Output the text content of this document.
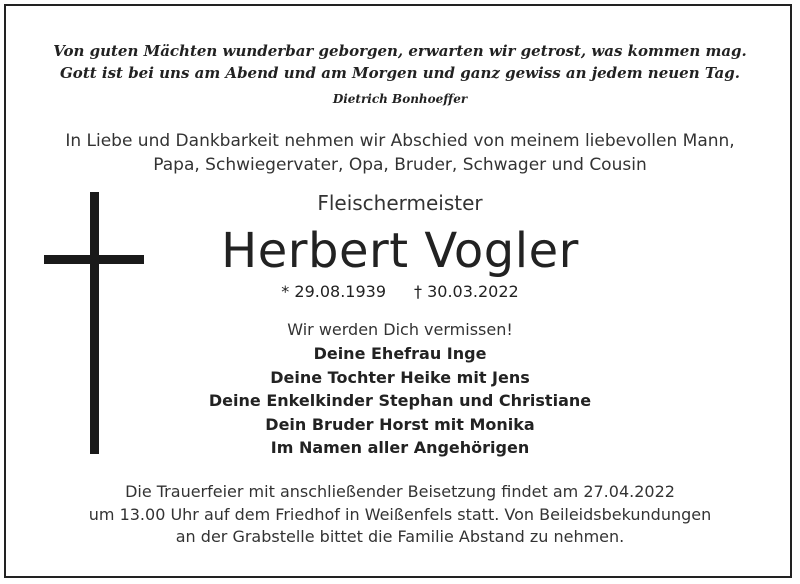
Von guten Mächten wunderbar geborgen, erwarten wir getrost, was kommen mag.
Gott ist bei uns am Abend und am Morgen und ganz gewiss an jedem neuen Tag.
Dietrich Bonhoeffer
In Liebe und Dankbarkeit nehmen wir Abschied von meinem liebevollen Mann,
Papa, Schwiegervater, Opa, Bruder, Schwager und Cousin
Fleischermeister
Herbert Vogler
* 29.08.1939 † 30.03.2022
Wir werden Dich vermissen!
Deine Ehefrau Inge
Deine Tochter Heike mit Jens
Deine Enkelkinder Stephan und Christiane
Dein Bruder Horst mit Monika
Im Namen aller Angehörigen
Die Trauerfeier mit anschließender Beisetzung findet am 27.04.2022
um 13.00 Uhr auf dem Friedhof in Weißenfels statt. Von Beileidsbekundungen
an der Grabstelle bittet die Familie Abstand zu nehmen.
